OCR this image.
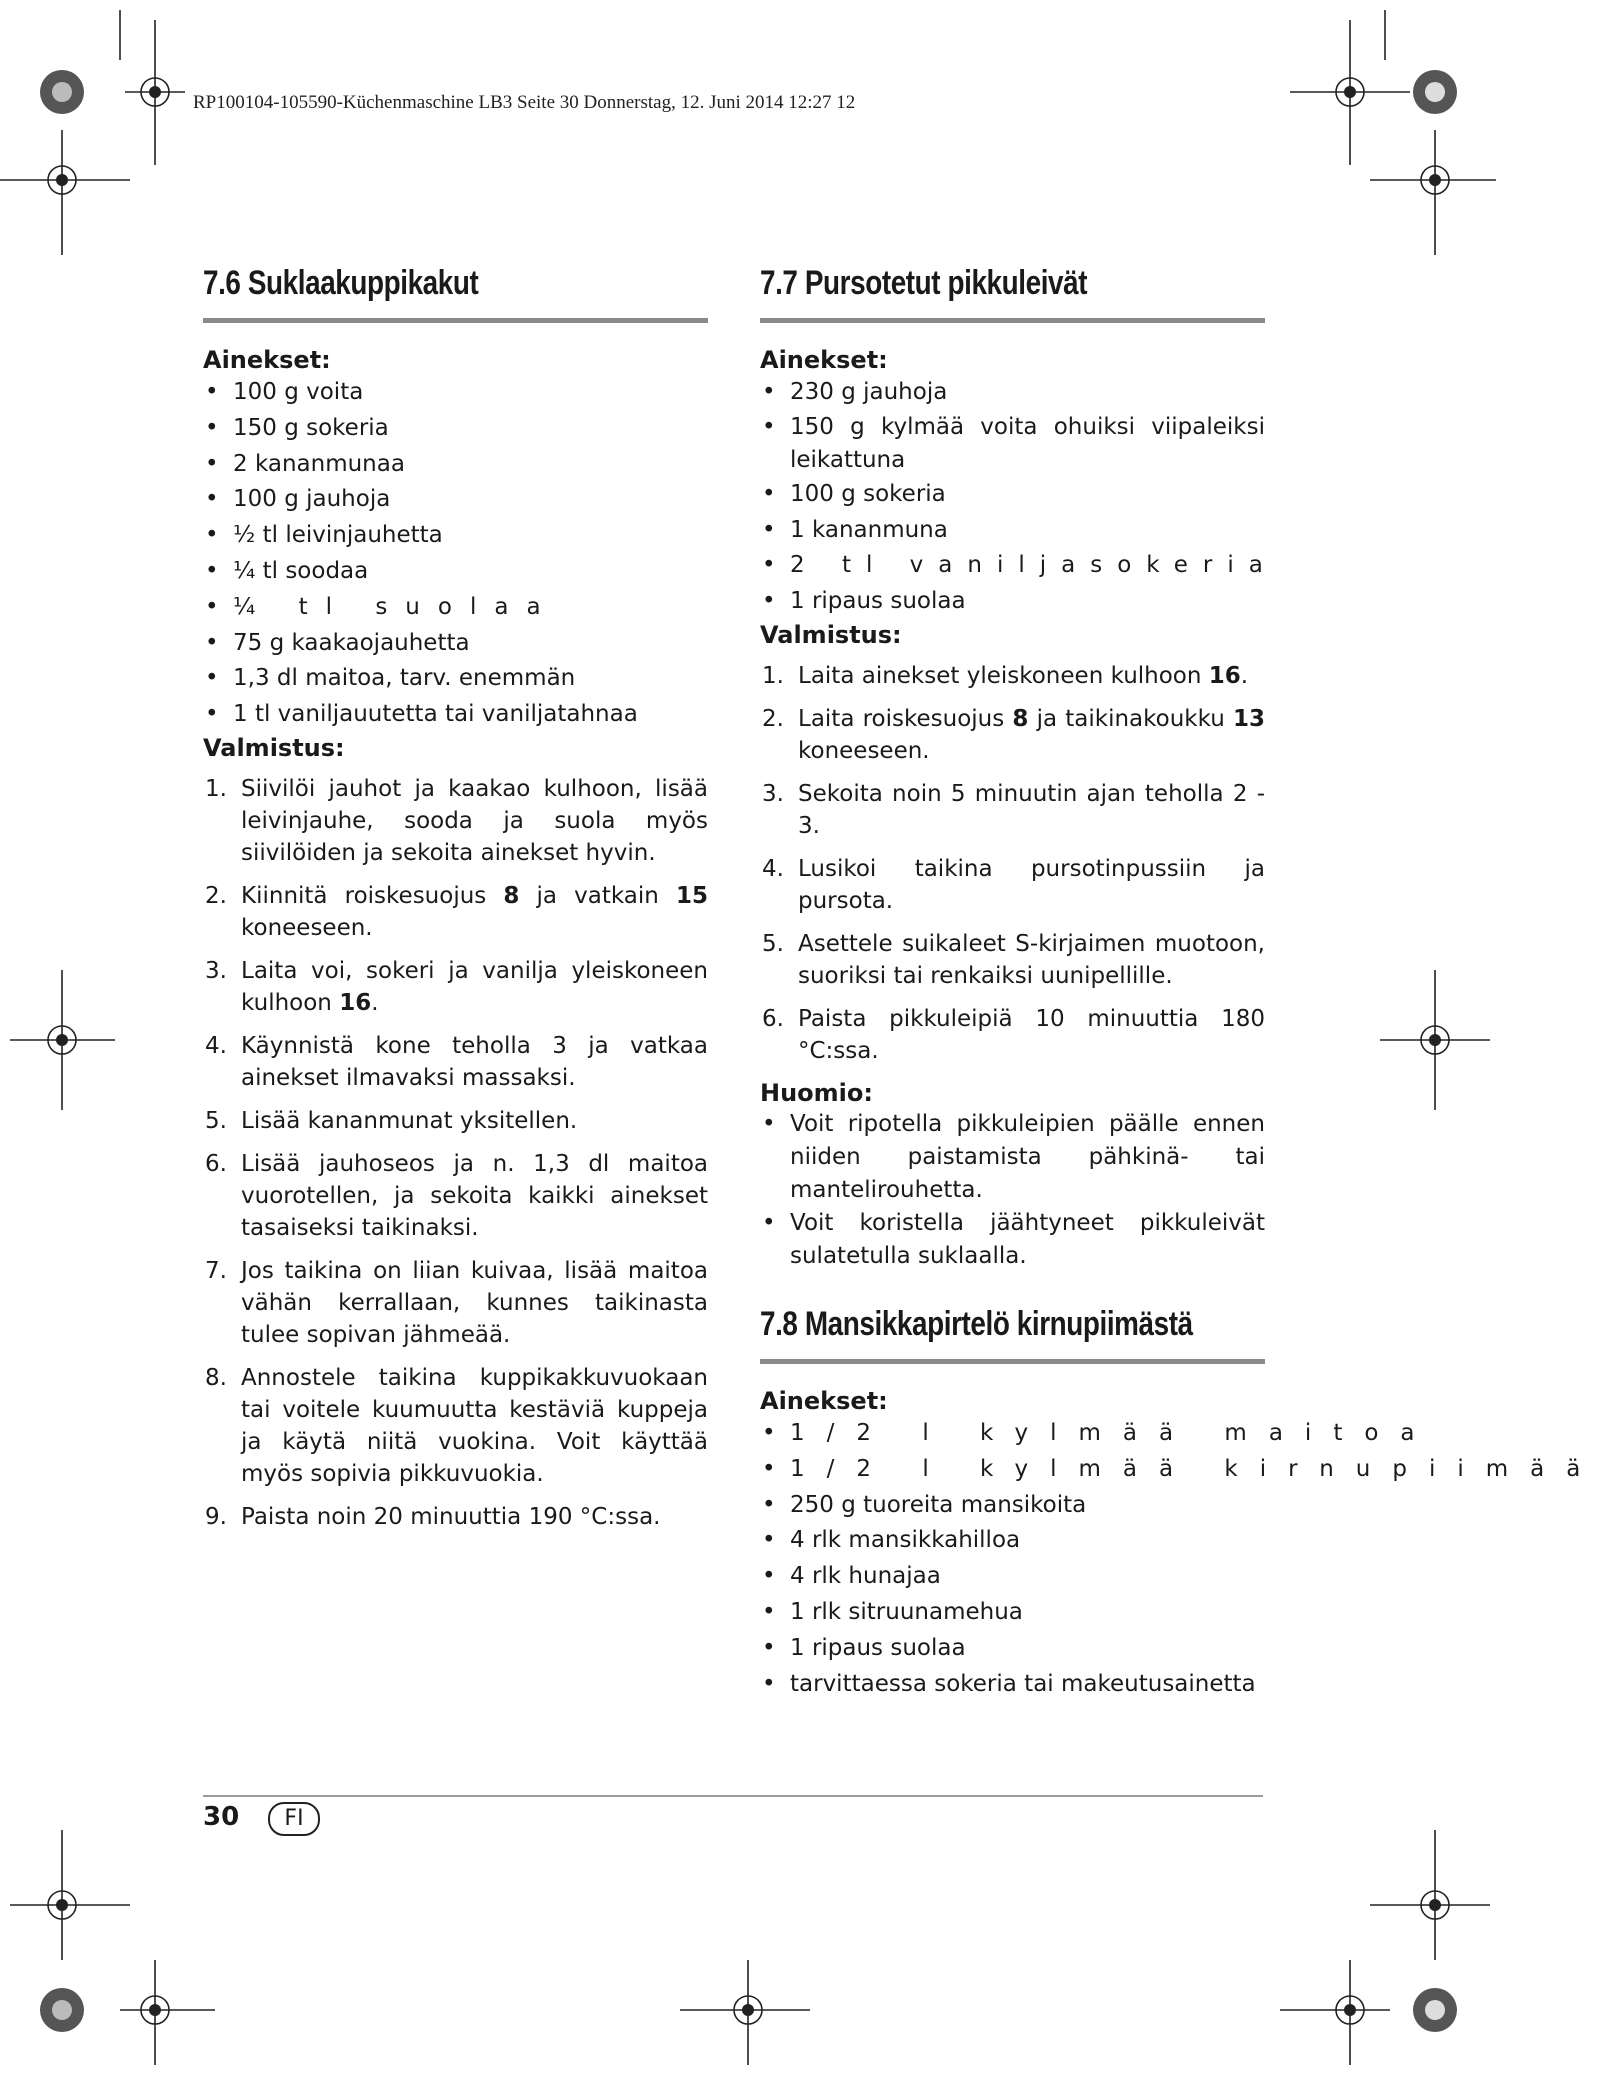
RP100104-105590-Küchenmaschine LB3 Seite 30 Donnerstag, 12. Juni 2014 12:27 12
7.6 Suklaakuppikakut

Ainekset:

• 100 g voita
• 150 g sokeria
• 2 kananmunaa
• 100 g jauhoja
• ½ tl leivinjauhetta
• ¼ tl soodaa
• ¼ tl suolaa
• 75 g kaakaojauhetta
• 1,3 dl maitoa, tarv. enemmän
• 1 tl vaniljauutetta tai vaniljatahnaa

Valmistus:

1. Siivilöi jauhot ja kaakao kulhoon, lisää leivinjauhe, sooda ja suola myös siivilöiden ja sekoita ainekset hyvin.
2. Kiinnitä roiskesuojus 8 ja vatkain 15 koneeseen.
3. Laita voi, sokeri ja vanilja yleiskoneen kulhoon 16.
4. Käynnistä kone teholla 3 ja vatkaa ainekset ilmavaksi massaksi.
5. Lisää kananmunat yksitellen.
6. Lisää jauhoseos ja n. 1,3 dl maitoa vuorotellen, ja sekoita kaikki ainekset tasaiseksi taikinaksi.
7. Jos taikina on liian kuivaa, lisää maitoa vähän kerrallaan, kunnes taikinasta tulee sopivan jähmeää.
8. Annostele taikina kuppikakkuvuokaan tai voitele kuumuutta kestäviä kuppeja ja käytä niitä vuokina. Voit käyttää myös sopivia pikkuvuokia.
9. Paista noin 20 minuuttia 190 °C:ssa.
7.7 Pursotetut pikkuleivät

Ainekset:

• 230 g jauhoja
• 150 g kylmää voita ohuiksi viipaleiksi leikattuna
• 100 g sokeria
• 1 kananmuna
• 2 tl vaniljasokeria
• 1 ripaus suolaa

Valmistus:

1. Laita ainekset yleiskoneen kulhoon 16.
2. Laita roiskesuojus 8 ja taikinakoukku 13 koneeseen.
3. Sekoita noin 5 minuutin ajan teholla 2 - 3.
4. Lusikoi taikina pursotinpussiin ja pursota.
5. Asettele suikaleet S-kirjaimen muotoon, suoriksi tai renkaiksi uunipellille.
6. Paista pikkuleipiä 10 minuuttia 180 °C:ssa.

Huomio:

• Voit ripotella pikkuleipien päälle ennen niiden paistamista pähkinä- tai mantelirouhetta.
• Voit koristella jäähtyneet pikkuleivät sulatetulla suklaalla.
7.8 Mansikkapirtelö kirnupiimästä

Ainekset:

• 1/2 l kylmää maitoa
• 1/2 l kylmää kirnupiimää
• 250 g tuoreita mansikoita
• 4 rlk mansikkahilloa
• 4 rlk hunajaa
• 1 rlk sitruunamehua
• 1 ripaus suolaa
• tarvittaessa sokeria tai makeutusainetta
30	FI
